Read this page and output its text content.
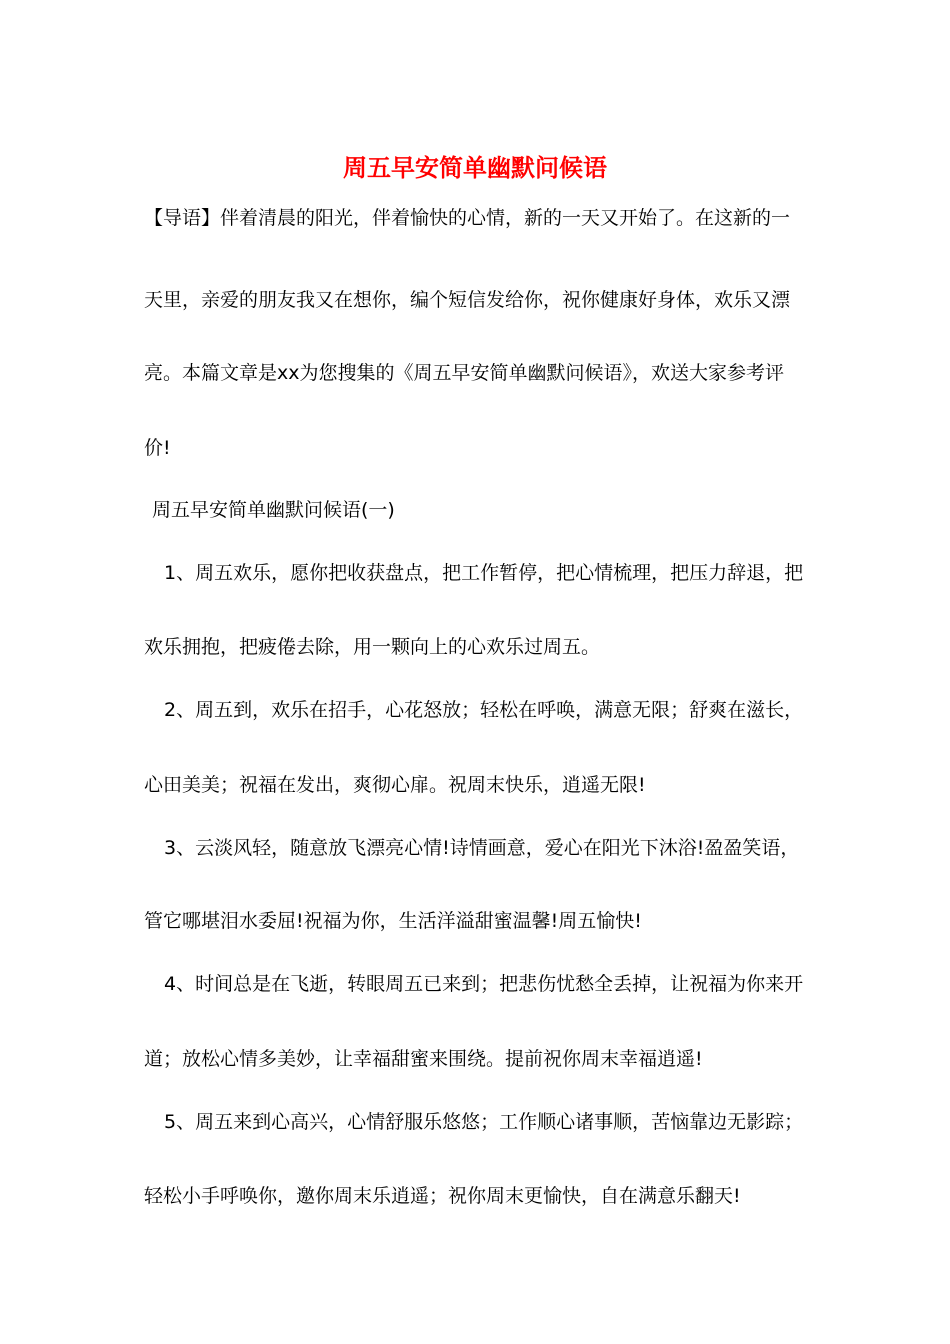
周五早安简单幽默问候语
【导语】伴着清晨的阳光，伴着愉快的心情，新的一天又开始了。在这新的一
天里，亲爱的朋友我又在想你，编个短信发给你，祝你健康好身体，欢乐又漂
亮。本篇文章是xx为您搜集的《周五早安简单幽默问候语》，欢送大家参考评
价!
周五早安简单幽默问候语(一)
1、周五欢乐，愿你把收获盘点，把工作暂停，把心情梳理，把压力辞退，把
欢乐拥抱，把疲倦去除，用一颗向上的心欢乐过周五。
2、周五到，欢乐在招手，心花怒放；轻松在呼唤，满意无限；舒爽在滋长，
心田美美；祝福在发出，爽彻心扉。祝周末快乐，逍遥无限!
3、云淡风轻，随意放飞漂亮心情!诗情画意，爱心在阳光下沐浴!盈盈笑语，
管它哪堪泪水委屈!祝福为你，生活洋溢甜蜜温馨!周五愉快!
4、时间总是在飞逝，转眼周五已来到；把悲伤忧愁全丢掉，让祝福为你来开
道；放松心情多美妙，让幸福甜蜜来围绕。提前祝你周末幸福逍遥!
5、周五来到心高兴，心情舒服乐悠悠；工作顺心诸事顺，苦恼靠边无影踪；
轻松小手呼唤你，邀你周末乐逍遥；祝你周末更愉快，自在满意乐翻天!
